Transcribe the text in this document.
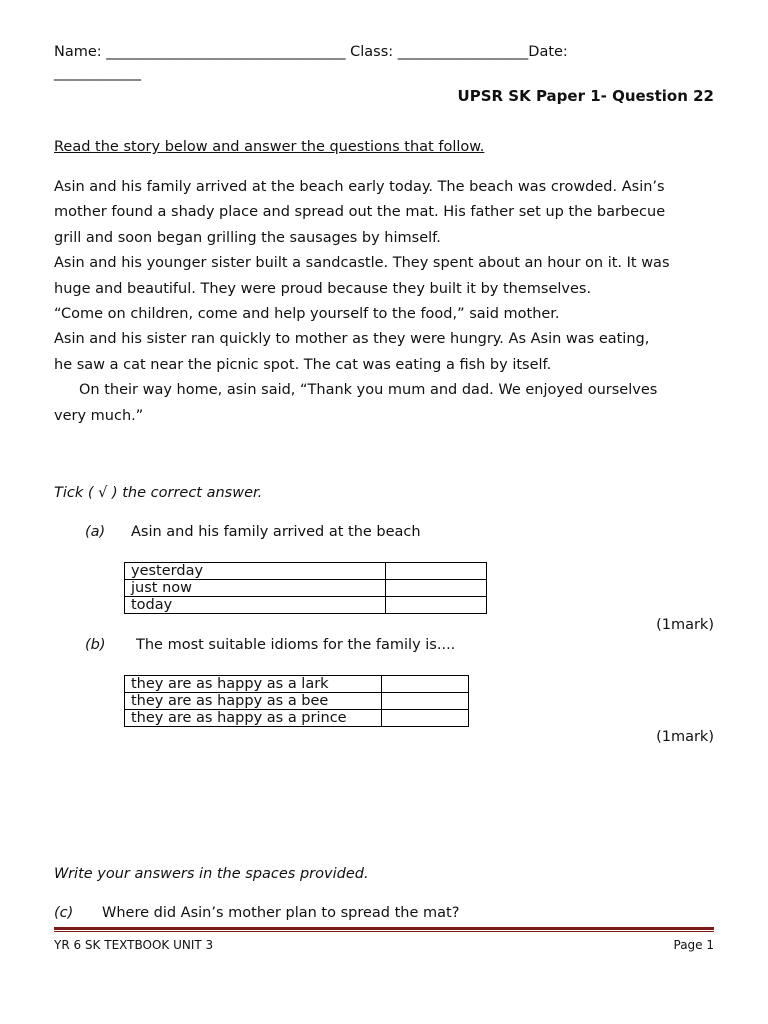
Name: _________________________________ Class: __________________Date:
____________
UPSR SK Paper 1- Question 22
Read the story below and answer the questions that follow.

Asin and his family arrived at the beach early today. The beach was crowded. Asin’s

mother found a shady place and spread out the mat. His father set up the barbecue

grill and soon began grilling the sausages by himself.

Asin and his younger sister built a sandcastle. They spent about an hour on it. It was

huge and beautiful. They were proud because they built it by themselves.

“Come on children, come and help yourself to the food,” said mother.

Asin and his sister ran quickly to mother as they were hungry. As Asin was eating,

he saw a cat near the picnic spot. The cat was eating a fish by itself.

On their way home, asin said, “Thank you mum and dad. We enjoyed ourselves

very much.”

Tick ( √ ) the correct answer.
(a) Asin and his family arrived at the beach
yesterday	
just now	
today	
(1mark)
(b) The most suitable idioms for the family is....
they are as happy as a lark	
they are as happy as a bee	
they are as happy as a prince	
(1mark)
Write your answers in the spaces provided.
(c) Where did Asin’s mother plan to spread the mat?
YR 6 SK TEXTBOOK UNIT 3	Page 1
